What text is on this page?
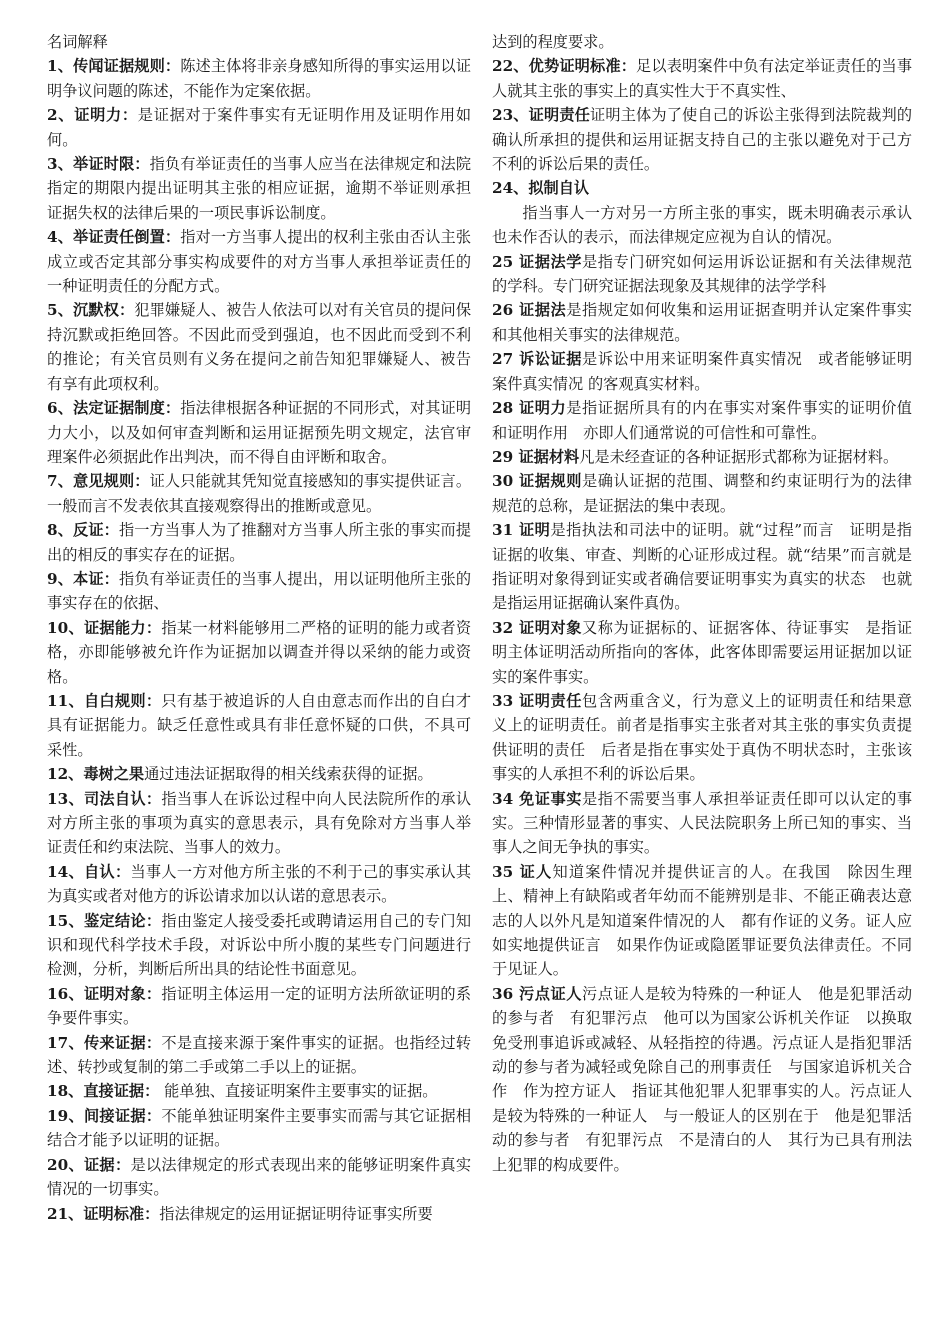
名词解释

1、传闻证据规则：陈述主体将非亲身感知所得的事实运用以证明争议问题的陈述，不能作为定案依据。

2、证明力：是证据对于案件事实有无证明作用及证明作用如何。

3、举证时限：指负有举证责任的当事人应当在法律规定和法院指定的期限内提出证明其主张的相应证据，逾期不举证则承担证据失权的法律后果的一项民事诉讼制度。

4、举证责任倒置：指对一方当事人提出的权利主张由否认主张成立或否定其部分事实构成要件的对方当事人承担举证责任的一种证明责任的分配方式。

5、沉默权：犯罪嫌疑人、被告人依法可以对有关官员的提问保持沉默或拒绝回答。不因此而受到强迫，也不因此而受到不利的推论；有关官员则有义务在提问之前告知犯罪嫌疑人、被告有享有此项权利。

6、法定证据制度：指法律根据各种证据的不同形式，对其证明力大小，以及如何审查判断和运用证据预先明文规定，法官审理案件必须据此作出判决，而不得自由评断和取舍。

7、意见规则：证人只能就其凭知觉直接感知的事实提供证言。一般而言不发表依其直接观察得出的推断或意见。

8、反证：指一方当事人为了推翻对方当事人所主张的事实而提出的相反的事实存在的证据。

9、本证：指负有举证责任的当事人提出，用以证明他所主张的事实存在的依据、

10、证据能力：指某一材料能够用二严格的证明的能力或者资格，亦即能够被允许作为证据加以调查并得以采纳的能力或资格。

11、自白规则：只有基于被追诉的人自由意志而作出的自白才具有证据能力。缺乏任意性或具有非任意怀疑的口供，不具可采性。

12、毒树之果通过违法证据取得的相关线索获得的证据。

13、司法自认：指当事人在诉讼过程中向人民法院所作的承认对方所主张的事项为真实的意思表示，具有免除对方当事人举证责任和约束法院、当事人的效力。

14、自认：当事人一方对他方所主张的不利于己的事实承认其为真实或者对他方的诉讼请求加以认诺的意思表示。

15、鉴定结论：指由鉴定人接受委托或聘请运用自己的专门知识和现代科学技术手段，对诉讼中所小腹的某些专门问题进行检测，分析，判断后所出具的结论性书面意见。

16、证明对象：指证明主体运用一定的证明方法所欲证明的系争要件事实。

17、传来证据：不是直接来源于案件事实的证据。也指经过转述、转抄或复制的第二手或第二手以上的证据。

18、直接证据： 能单独、直接证明案件主要事实的证据。

19、间接证据：不能单独证明案件主要事实而需与其它证据相结合才能予以证明的证据。

20、证据：是以法律规定的形式表现出来的能够证明案件真实情况的一切事实。

21、证明标准：指法律规定的运用证据证明待证事实所要

达到的程度要求。

22、优势证明标准：足以表明案件中负有法定举证责任的当事人就其主张的事实上的真实性大于不真实性、

23、证明责任证明主体为了使自己的诉讼主张得到法院裁判的确认所承担的提供和运用证据支持自己的主张以避免对于己方不利的诉讼后果的责任。

24、拟制自认

指当事人一方对另一方所主张的事实，既未明确表示承认也未作否认的表示，而法律规定应视为自认的情况。

25 证据法学是指专门研究如何运用诉讼证据和有关法律规范的学科。专门研究证据法现象及其规律的法学学科

26 证据法是指规定如何收集和运用证据查明并认定案件事实和其他相关事实的法律规范。

27 诉讼证据是诉讼中用来证明案件真实情况　或者能够证明案件真实情况 的客观真实材料。

28 证明力是指证据所具有的内在事实对案件事实的证明价值和证明作用　亦即人们通常说的可信性和可靠性。

29 证据材料凡是未经查证的各种证据形式都称为证据材料。

30 证据规则是确认证据的范围、调整和约束证明行为的法律规范的总称，是证据法的集中表现。

31 证明是指执法和司法中的证明。就“过程”而言　证明是指证据的收集、审查、判断的心证形成过程。就“结果”而言就是指证明对象得到证实或者确信要证明事实为真实的状态　也就是指运用证据确认案件真伪。

32 证明对象又称为证据标的、证据客体、待证事实　是指证明主体证明活动所指向的客体，此客体即需要运用证据加以证实的案件事实。

33 证明责任包含两重含义，行为意义上的证明责任和结果意义上的证明责任。前者是指事实主张者对其主张的事实负责提供证明的责任　后者是指在事实处于真伪不明状态时，主张该事实的人承担不利的诉讼后果。

34 免证事实是指不需要当事人承担举证责任即可以认定的事实。三种情形显著的事实、人民法院职务上所已知的事实、当事人之间无争执的事实。

35 证人知道案件情况并提供证言的人。在我国　除因生理上、精神上有缺陷或者年幼而不能辨别是非、不能正确表达意志的人以外凡是知道案件情况的人　都有作证的义务。证人应如实地提供证言　如果作伪证或隐匿罪证要负法律责任。不同于见证人。

36 污点证人污点证人是较为特殊的一种证人　他是犯罪活动的参与者　有犯罪污点　他可以为国家公诉机关作证　以换取免受刑事追诉或减轻、从轻指控的待遇。污点证人是指犯罪活动的参与者为减轻或免除自己的刑事责任　与国家追诉机关合作　作为控方证人　指证其他犯罪人犯罪事实的人。污点证人是较为特殊的一种证人　与一般证人的区别在于　他是犯罪活动的参与者　有犯罪污点　不是清白的人　其行为已具有刑法上犯罪的构成要件。
